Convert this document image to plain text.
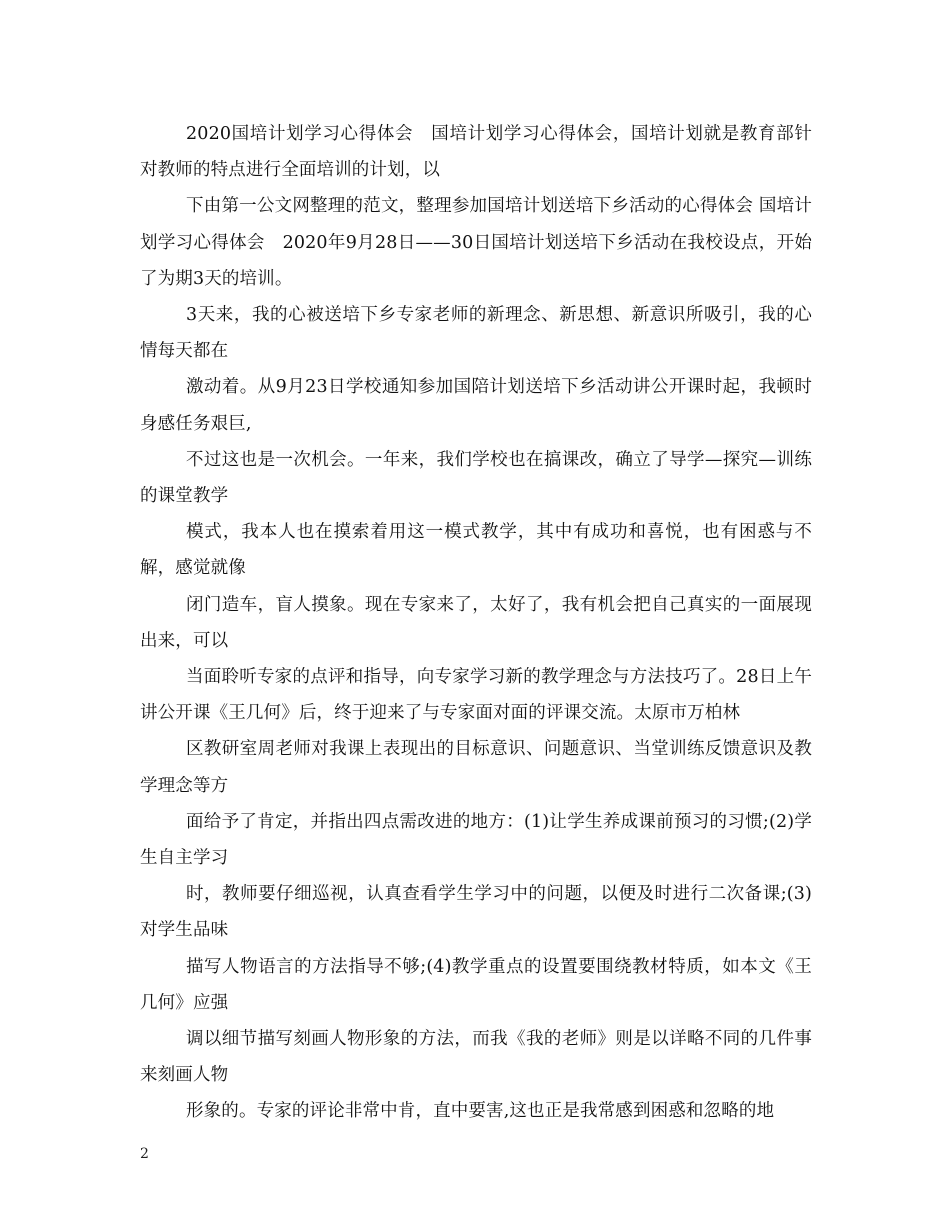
2020国培计划学习心得体会　国培计划学习心得体会，国培计划就是教育部针对教师的特点进行全面培训的计划，以

下由第一公文网整理的范文，整理参加国培计划送培下乡活动的心得体会 国培计划学习心得体会　2020年9月28日——30日国培计划送培下乡活动在我校设点，开始了为期3天的培训。

3天来，我的心被送培下乡专家老师的新理念、新思想、新意识所吸引，我的心情每天都在

激动着。从9月23日学校通知参加国陪计划送培下乡活动讲公开课时起，我顿时身感任务艰巨,

不过这也是一次机会。一年来，我们学校也在搞课改，确立了导学—探究—训练的课堂教学

模式，我本人也在摸索着用这一模式教学，其中有成功和喜悦，也有困惑与不解，感觉就像

闭门造车，盲人摸象。现在专家来了，太好了，我有机会把自己真实的一面展现出来，可以

当面聆听专家的点评和指导，向专家学习新的教学理念与方法技巧了。28日上午讲公开课《王几何》后，终于迎来了与专家面对面的评课交流。太原市万柏林

区教研室周老师对我课上表现出的目标意识、问题意识、当堂训练反馈意识及教学理念等方

面给予了肯定，并指出四点需改进的地方：(1)让学生养成课前预习的习惯;(2)学生自主学习

时，教师要仔细巡视，认真查看学生学习中的问题，以便及时进行二次备课;(3)对学生品味

描写人物语言的方法指导不够;(4)教学重点的设置要围绕教材特质，如本文《王几何》应强

调以细节描写刻画人物形象的方法，而我《我的老师》则是以详略不同的几件事来刻画人物

形象的。专家的评论非常中肯，直中要害,这也正是我常感到困惑和忽略的地

2
